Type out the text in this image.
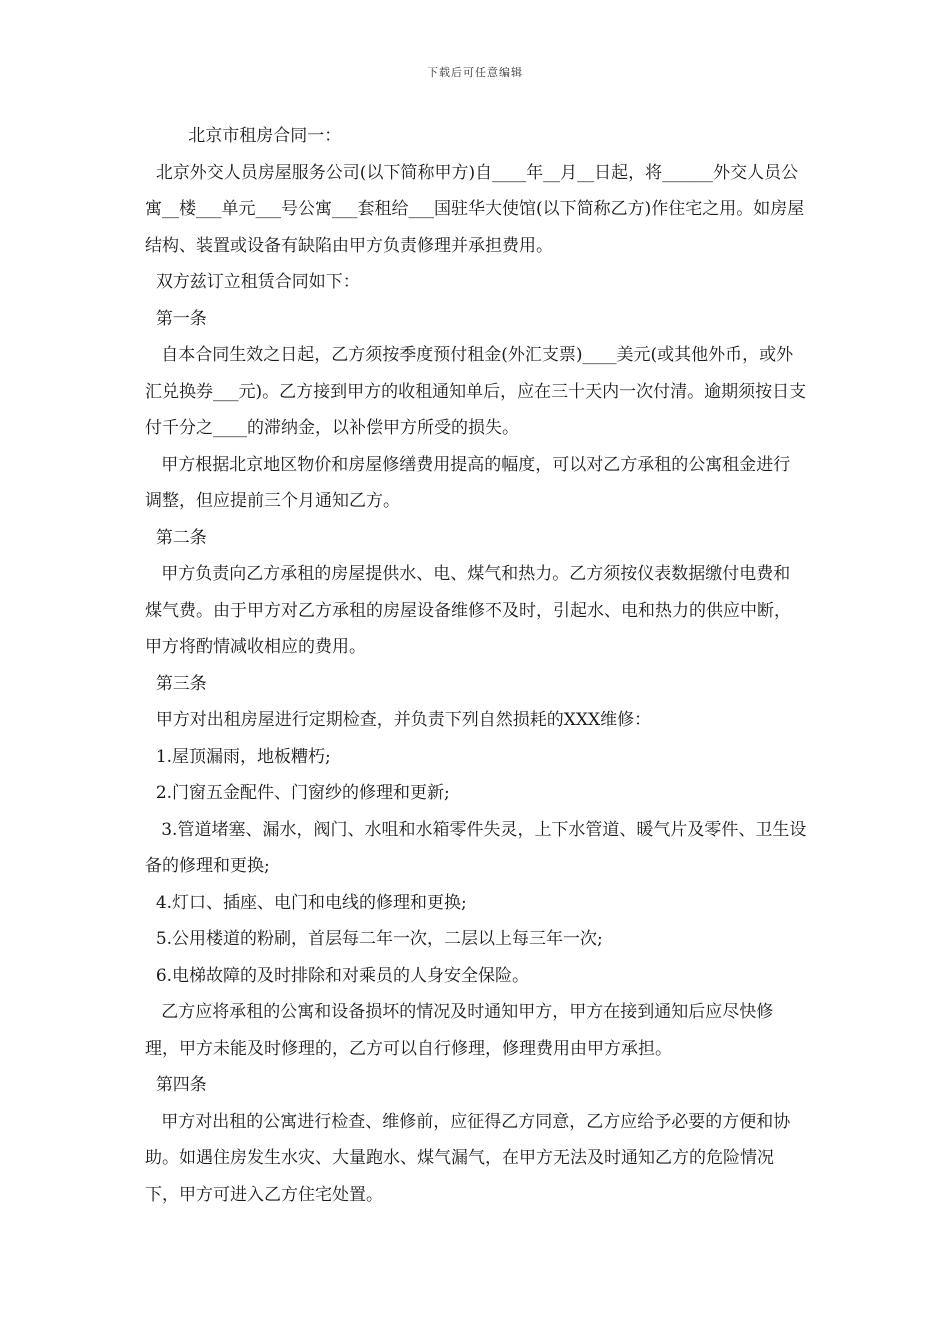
下载后可任意编辑

北京市租房合同一：

北京外交人员房屋服务公司(以下简称甲方)自____年__月__日起，将______外交人员公寓__楼___单元___号公寓___套租给___国驻华大使馆(以下简称乙方)作住宅之用。如房屋结构、装置或设备有缺陷由甲方负责修理并承担费用。

双方兹订立租赁合同如下：

第一条

自本合同生效之日起，乙方须按季度预付租金(外汇支票)____美元(或其他外币，或外汇兑换券___元)。乙方接到甲方的收租通知单后，应在三十天内一次付清。逾期须按日支付千分之____的滞纳金，以补偿甲方所受的损失。

甲方根据北京地区物价和房屋修缮费用提高的幅度，可以对乙方承租的公寓租金进行调整，但应提前三个月通知乙方。

第二条

甲方负责向乙方承租的房屋提供水、电、煤气和热力。乙方须按仪表数据缴付电费和煤气费。由于甲方对乙方承租的房屋设备维修不及时，引起水、电和热力的供应中断，甲方将酌情减收相应的费用。

第三条

甲方对出租房屋进行定期检查，并负责下列自然损耗的XXX维修：

1.屋顶漏雨，地板糟朽;

2.门窗五金配件、门窗纱的修理和更新;

3.管道堵塞、漏水，阀门、水咀和水箱零件失灵，上下水管道、暖气片及零件、卫生设备的修理和更换;

4.灯口、插座、电门和电线的修理和更换;

5.公用楼道的粉刷，首层每二年一次，二层以上每三年一次;

6.电梯故障的及时排除和对乘员的人身安全保险。

乙方应将承租的公寓和设备损坏的情况及时通知甲方，甲方在接到通知后应尽快修理，甲方未能及时修理的，乙方可以自行修理，修理费用由甲方承担。

第四条

甲方对出租的公寓进行检查、维修前，应征得乙方同意，乙方应给予必要的方便和协助。如遇住房发生水灾、大量跑水、煤气漏气，在甲方无法及时通知乙方的危险情况下，甲方可进入乙方住宅处置。
